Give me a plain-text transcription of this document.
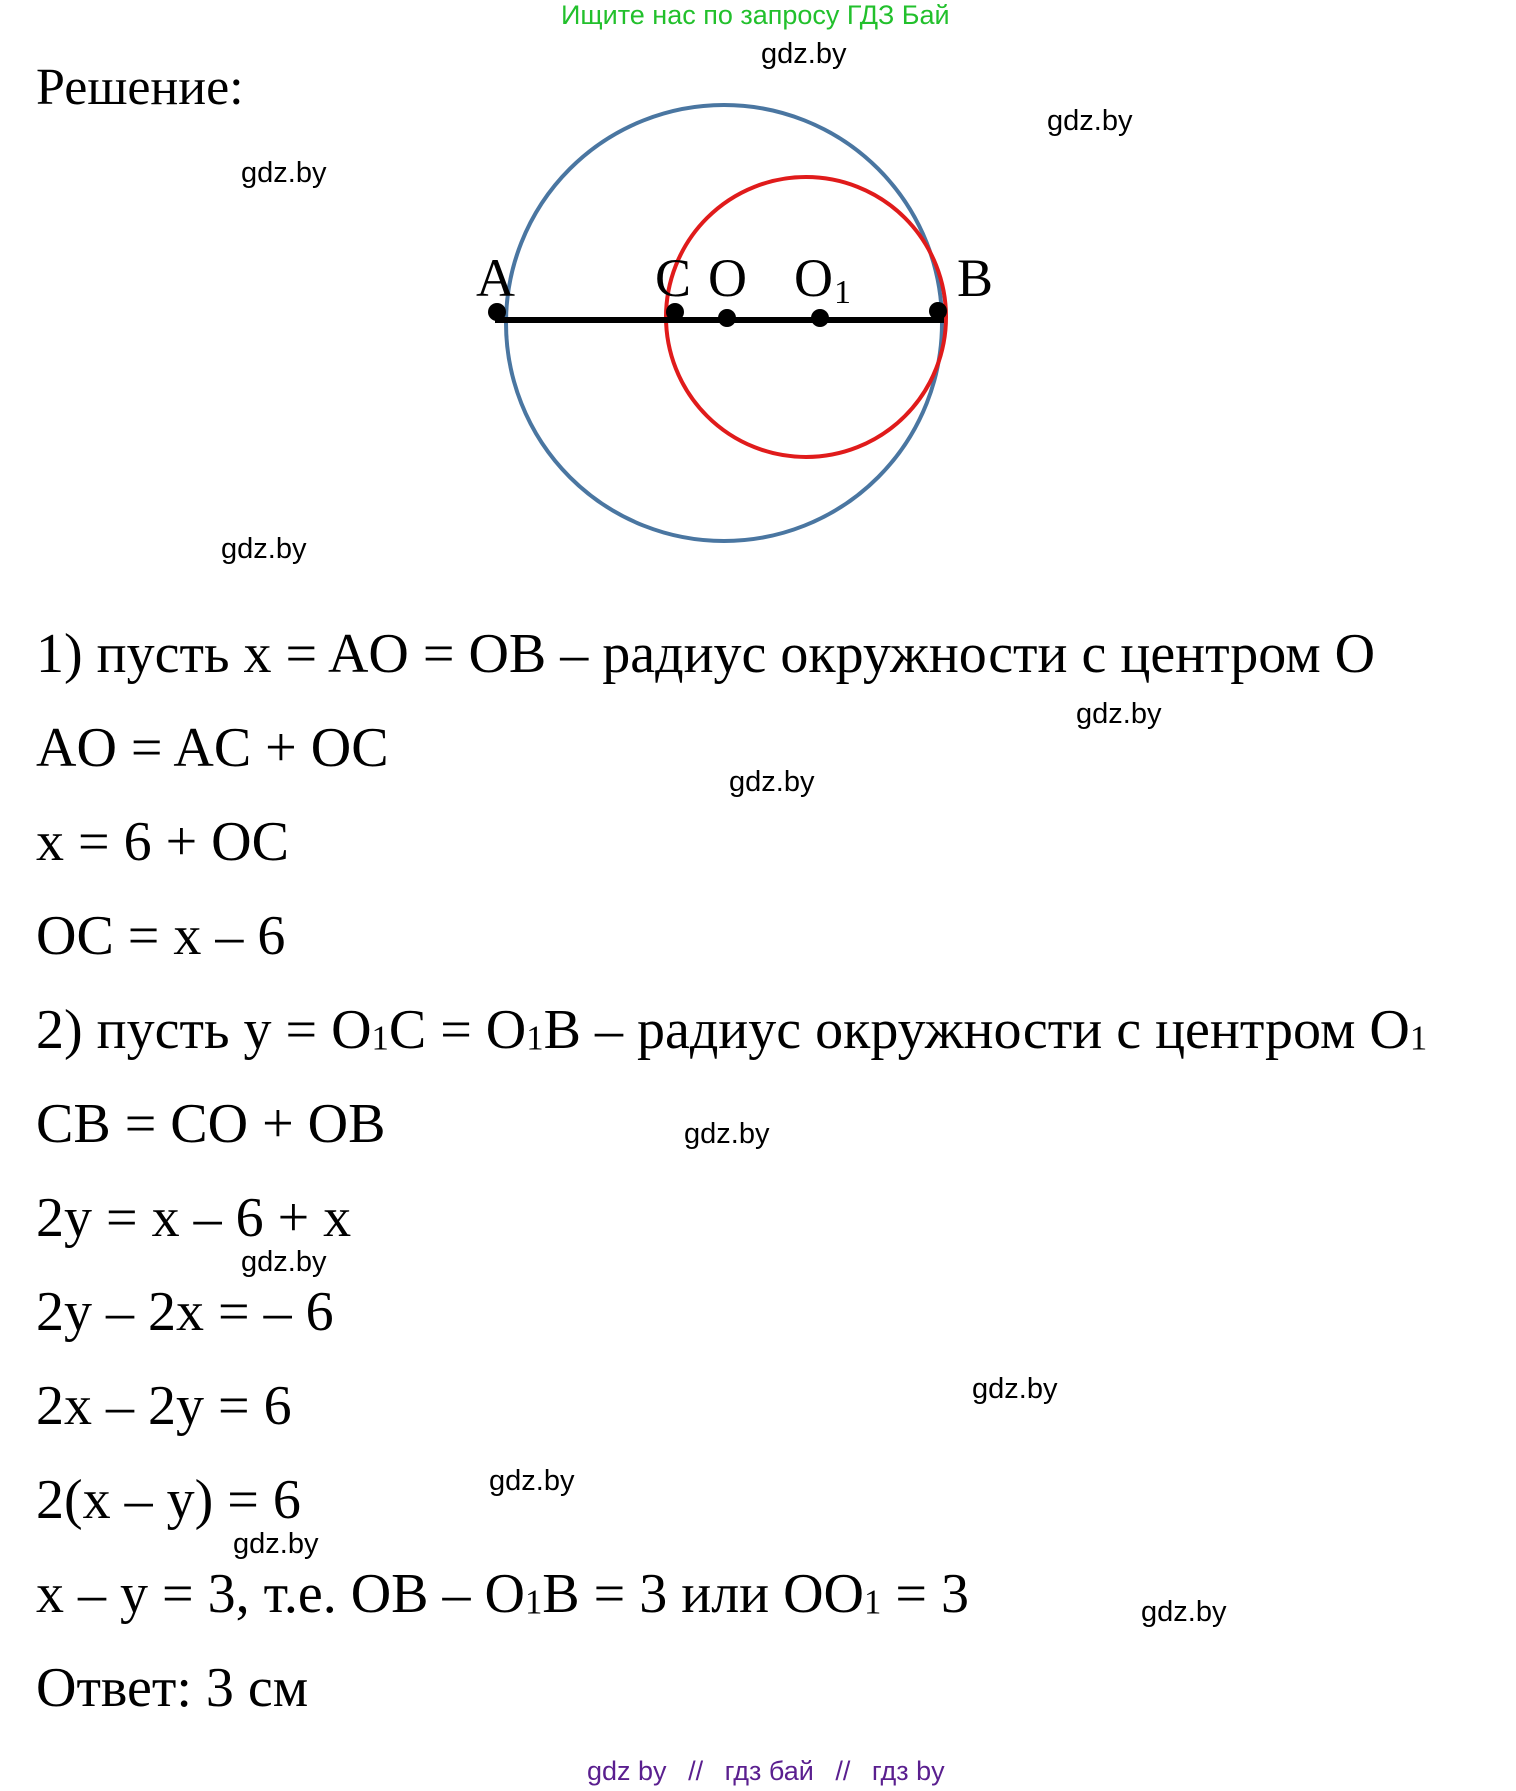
Ищите нас по запросу ГДЗ Бай
gdz.by
gdz.by
gdz.by
gdz.by
gdz.by
gdz.by
gdz.by
gdz.by
gdz.by
gdz.by
gdz.by
gdz.by
Решение:
A	C O O 1 B
1) пусть x = AO = OB – радиус окружности с центром O
AO = AC + OC
x = 6 + OC
OC = x – 6
2) пусть $y = O_1C = O_1B$ – радиус окружности с центром $O_1$
CB = CO + OB
2y = x – 6 + x
2y – 2x = – 6
2x – 2y = 6
2(x – y) = 6
x – y = 3, т.е. OB – $O_1B = 3$ или $OO_1 = 3$
Ответ: 3 см
gdz by // гдз бай // гдз by
